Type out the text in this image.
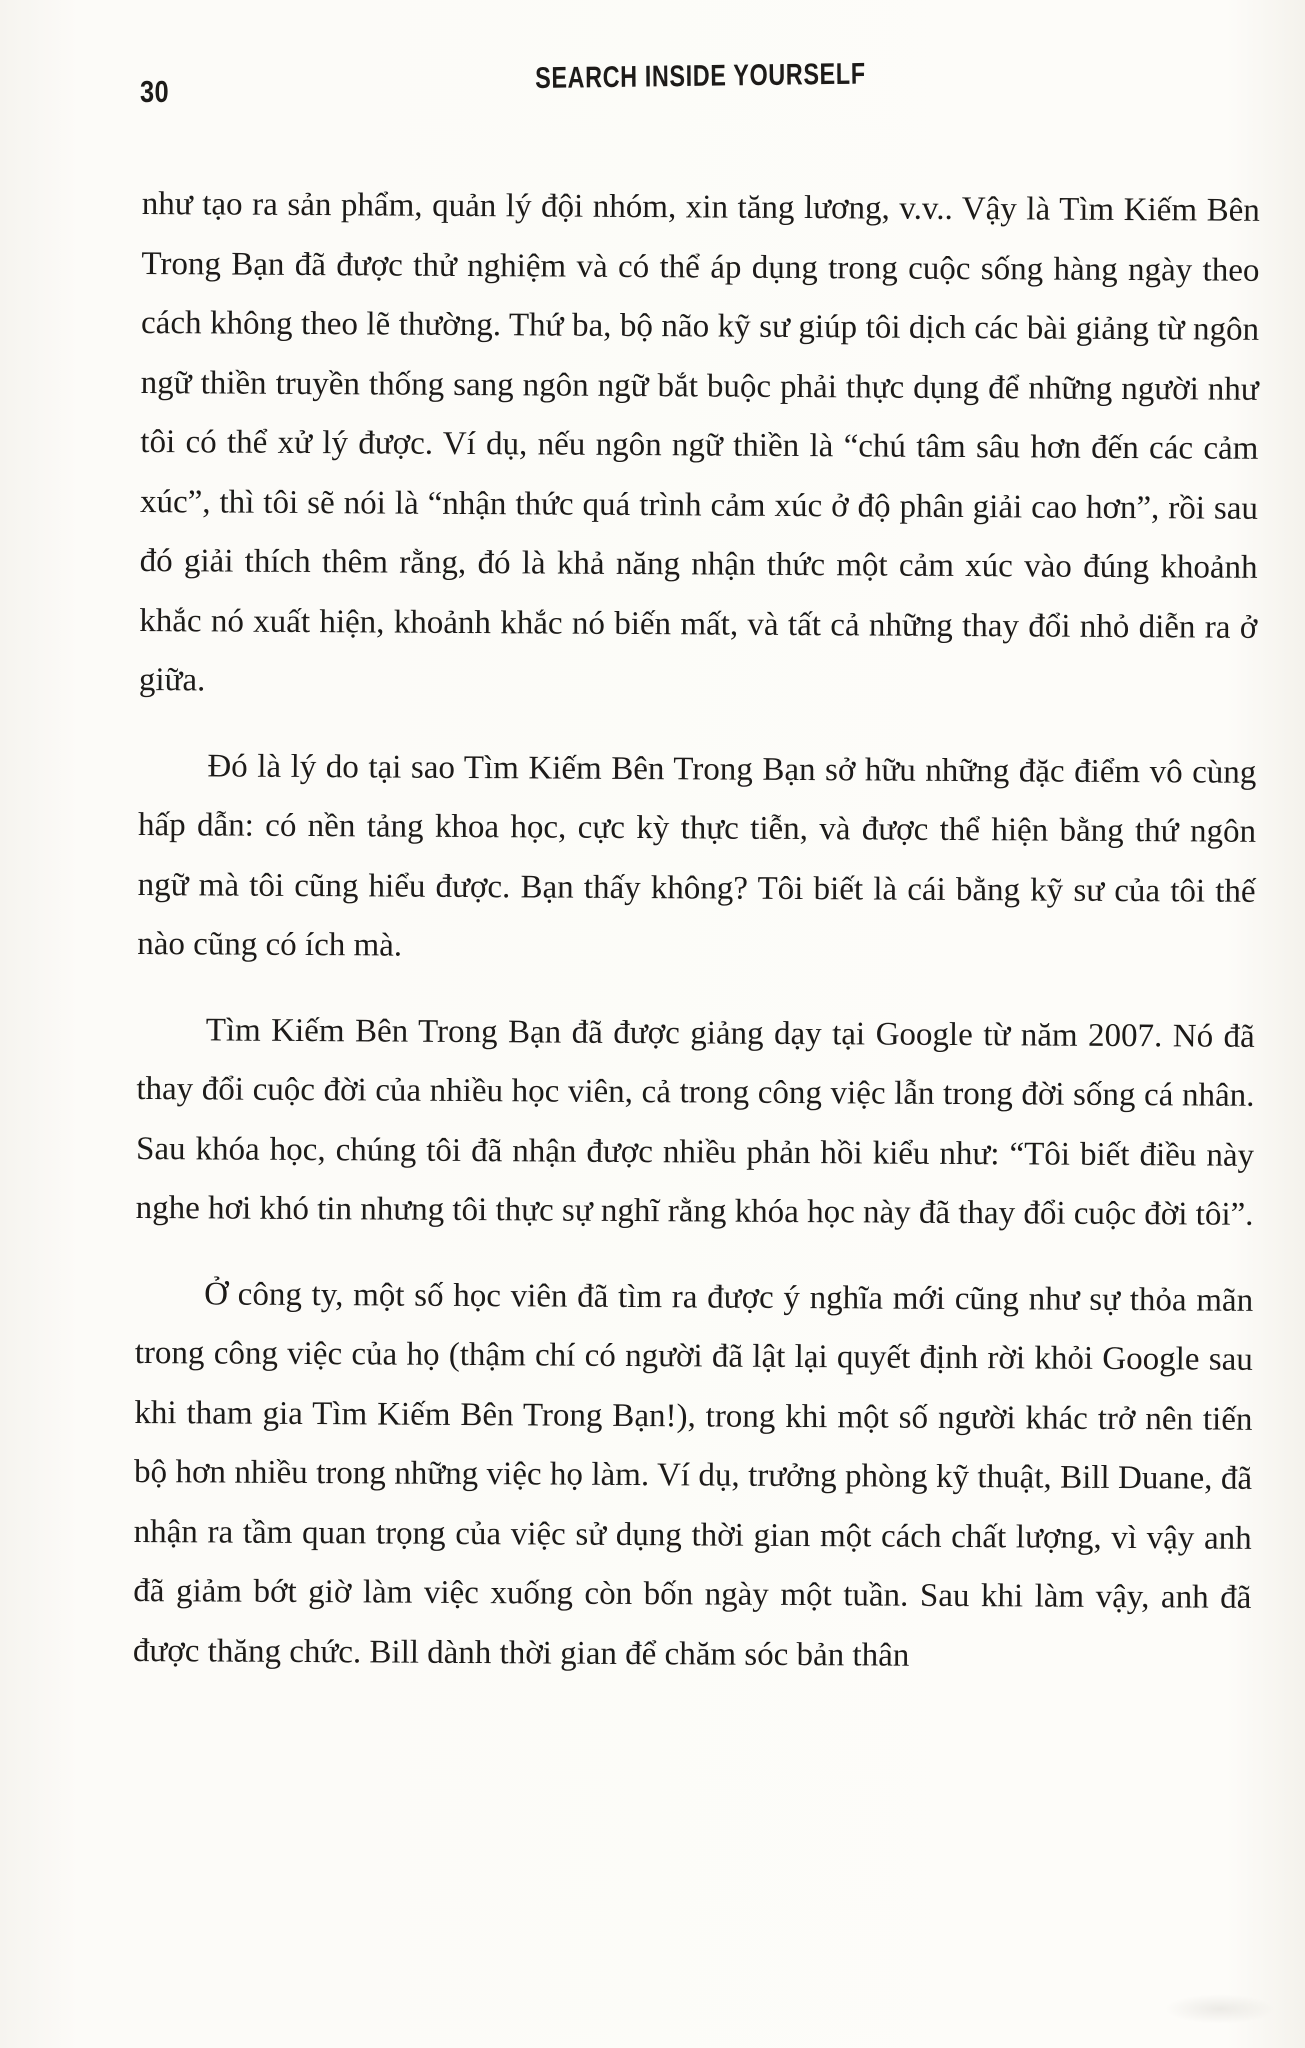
30	SEARCH INSIDE YOURSELF

như tạo ra sản phẩm, quản lý đội nhóm, xin tăng lương, v.v.. Vậy là Tìm Kiếm Bên Trong Bạn đã được thử nghiệm và có thể áp dụng trong cuộc sống hàng ngày theo cách không theo lẽ thường. Thứ ba, bộ não kỹ sư giúp tôi dịch các bài giảng từ ngôn ngữ thiền truyền thống sang ngôn ngữ bắt buộc phải thực dụng để những người như tôi có thể xử lý được. Ví dụ, nếu ngôn ngữ thiền là “chú tâm sâu hơn đến các cảm xúc”, thì tôi sẽ nói là “nhận thức quá trình cảm xúc ở độ phân giải cao hơn”, rồi sau đó giải thích thêm rằng, đó là khả năng nhận thức một cảm xúc vào đúng khoảnh khắc nó xuất hiện, khoảnh khắc nó biến mất, và tất cả những thay đổi nhỏ diễn ra ở giữa.

Đó là lý do tại sao Tìm Kiếm Bên Trong Bạn sở hữu những đặc điểm vô cùng hấp dẫn: có nền tảng khoa học, cực kỳ thực tiễn, và được thể hiện bằng thứ ngôn ngữ mà tôi cũng hiểu được. Bạn thấy không? Tôi biết là cái bằng kỹ sư của tôi thế nào cũng có ích mà.

Tìm Kiếm Bên Trong Bạn đã được giảng dạy tại Google từ năm 2007. Nó đã thay đổi cuộc đời của nhiều học viên, cả trong công việc lẫn trong đời sống cá nhân. Sau khóa học, chúng tôi đã nhận được nhiều phản hồi kiểu như: “Tôi biết điều này nghe hơi khó tin nhưng tôi thực sự nghĩ rằng khóa học này đã thay đổi cuộc đời tôi”.

Ở công ty, một số học viên đã tìm ra được ý nghĩa mới cũng như sự thỏa mãn trong công việc của họ (thậm chí có người đã lật lại quyết định rời khỏi Google sau khi tham gia Tìm Kiếm Bên Trong Bạn!), trong khi một số người khác trở nên tiến bộ hơn nhiều trong những việc họ làm. Ví dụ, trưởng phòng kỹ thuật, Bill Duane, đã nhận ra tầm quan trọng của việc sử dụng thời gian một cách chất lượng, vì vậy anh đã giảm bớt giờ làm việc xuống còn bốn ngày một tuần. Sau khi làm vậy, anh đã được thăng chức. Bill dành thời gian để chăm sóc bản thân
